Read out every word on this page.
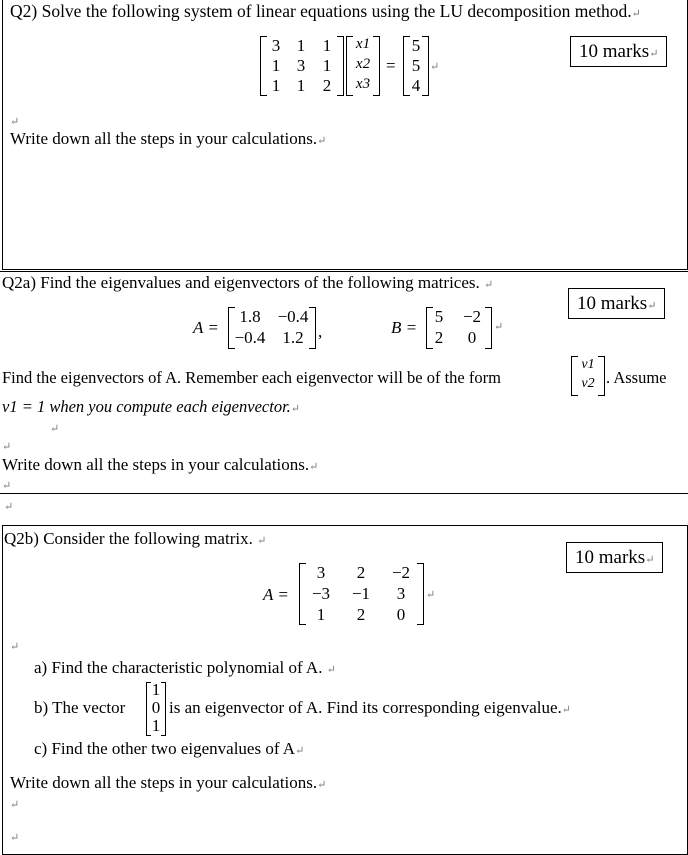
Q2) Solve the following system of linear equations using the LU decomposition method.↵
10 marks↵
3 1	1
1 3	1
1 1	2
x1
x2
x3
=
5
5
4
↵
↵
Write down all the steps in your calculations.↵
Q2a) Find the eigenvalues and eigenvectors of the following matrices. ↵
10 marks↵
A =
1.8 −0.4
−0.4 1.2 ,	B =
5 −2
2	0
↵
Find the eigenvectors of A. Remember each eigenvector will be of the form
v1
v2 . Assume
v1 = 1 when you compute each eigenvector.↵
↵
↵
Write down all the steps in your calculations.↵
↵
↵
Q2b) Consider the following matrix. ↵
10 marks↵
A =
3	2	−2
−3	−1	3
1	2	0
↵
↵
a) Find the characteristic polynomial of A. ↵
b) The vector
1
0
1
is an eigenvector of A. Find its corresponding eigenvalue.↵
c) Find the other two eigenvalues of A↵
Write down all the steps in your calculations.↵
↵
↵
